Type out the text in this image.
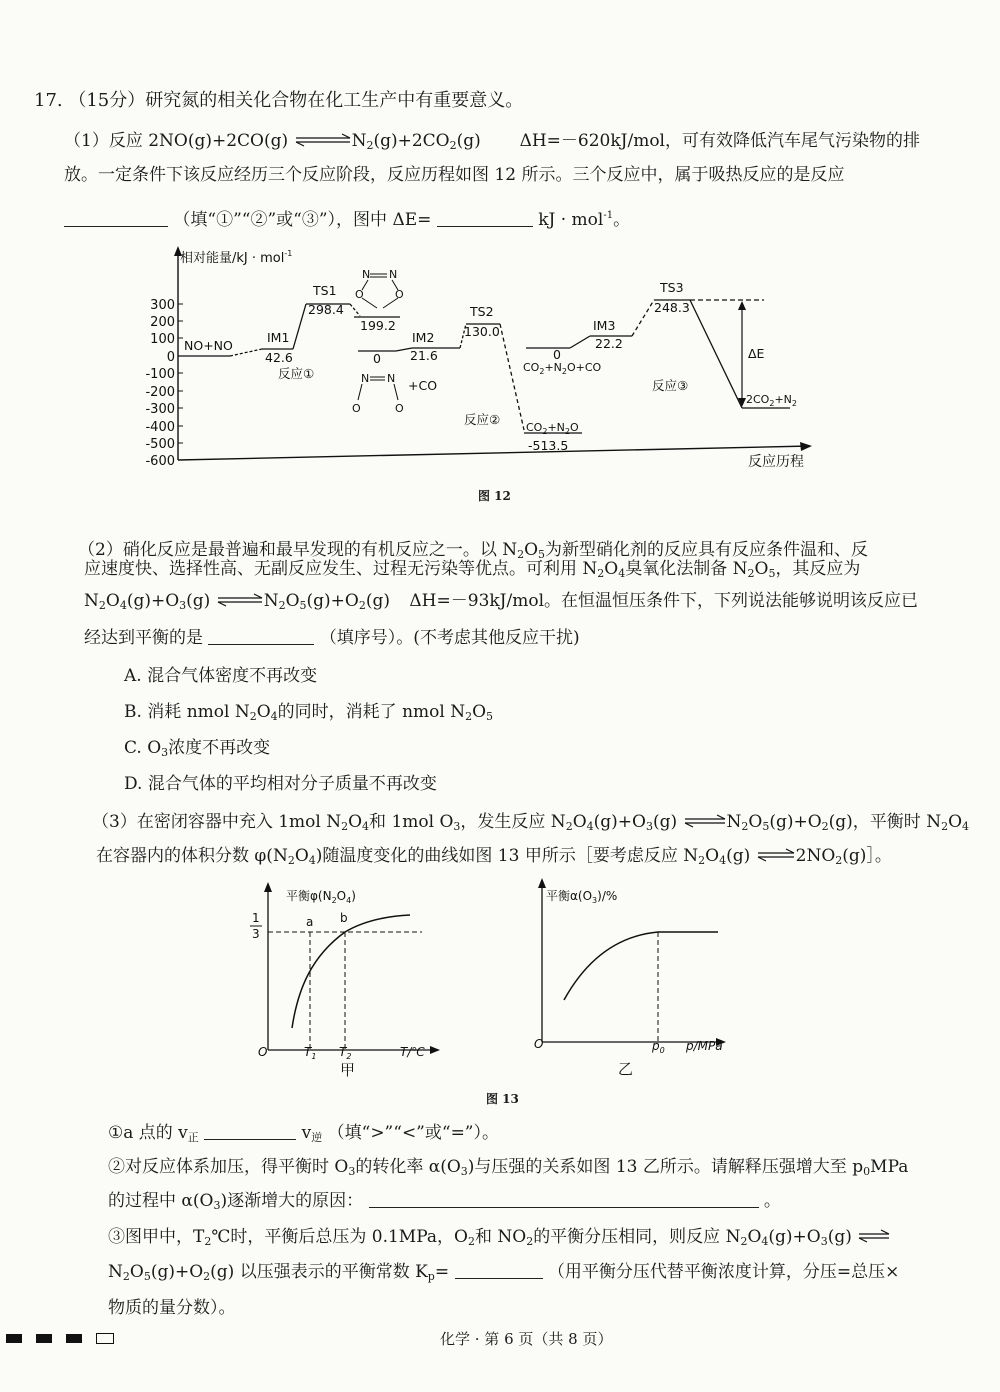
17. （15分）研究氮的相关化合物在化工生产中有重要意义。
（1）反应 2NO(g)+2CO(g) $\rightleftharpoons N_2(g)+2CO_2(g)$ ΔH=－620kJ/mol，可有效降低汽车尾气污染物的排
放。一定条件下该反应经历三个反应阶段，反应历程如图 12 所示。三个反应中，属于吸热反应的是反应
（填“①”“②”或“③”），图中 ΔE=	kJ · mol$^{-1}$。
300
200
100
0
-100
-200
-300
-400
-500
-600
相对能量/kJ · mol$^{-1}$
反应历程
NO+NO
IM1
42.6
TS1
298.4
199.2
0
IM2
21.6
TS2
130.0
反应①
+CO
反应②
$CO_2+N_2O$
-513.5
$CO_2+N_2O+CO$
0
IM3
22.2
TS3
248.3
反应③
ΔE
$2CO_2+N_2$
N N
O	O
N N
O	O
图 12
（2）硝化反应是最普遍和最早发现的有机反应之一。以 $N_2O_5$为新型硝化剂的反应具有反应条件温和、反
应速度快、选择性高、无副反应发生、过程无污染等优点。可利用 $N_2O_4$臭氧化法制备 $N_2O_5$，其反应为
$N_2O_4(g)+O_3(g)$ $\rightleftharpoons N_2O_5(g)+O_2(g)$ ΔH=－93kJ/mol。在恒温恒压条件下，下列说法能够说明该反应已
经达到平衡的是	（填序号）。(不考虑其他反应干扰)
A. 混合气体密度不再改变
B. 消耗 nmol $N_2O_4$的同时，消耗了 nmol $N_2O_5$
C. $O_3$浓度不再改变
D. 混合气体的平均相对分子质量不再改变
（3）在密闭容器中充入 1mol $N_2O_4$和 1mol $O_3$，发生反应 $N_2O_4(g)+O_3(g)$ $\rightleftharpoons N_2O_5(g)+O_2(g)$，平衡时 $N_2O_4$
在容器内的体积分数 $\varphi(N_2O_4)$随温度变化的曲线如图 13 甲所示［要考虑反应 $N_2O_4(g)$ $\rightleftharpoons 2NO_2(g)]$。
平衡$\varphi(N_2O_4)$
1
3
a b
O	$T_1$ $T_2$	T/℃
甲
平衡$\alpha(O_3)/\%$
O	$p_0$ p/MPa
乙
图 13
①a 点的 $v_正$	$v_逆$ （填“>”“<”或“=”）。
②对反应体系加压，得平衡时 $O_3$的转化率 $\alpha(O_3)$与压强的关系如图 13 乙所示。请解释压强增大至 $p_0MPa$
的过程中 $\alpha(O_3)$逐渐增大的原因：	。
③图甲中，$T_2℃$时，平衡后总压为 0.1MPa，$O_2$和 $NO_2$的平衡分压相同，则反应 $N_2O_4(g)+O_3(g)$ ⇌
$N_2O_5(g)+O_2(g)$ 以压强表示的平衡常数 $K_p=$	（用平衡分压代替平衡浓度计算，分压=总压×
物质的量分数）。
化学 · 第 6 页（共 8 页）
